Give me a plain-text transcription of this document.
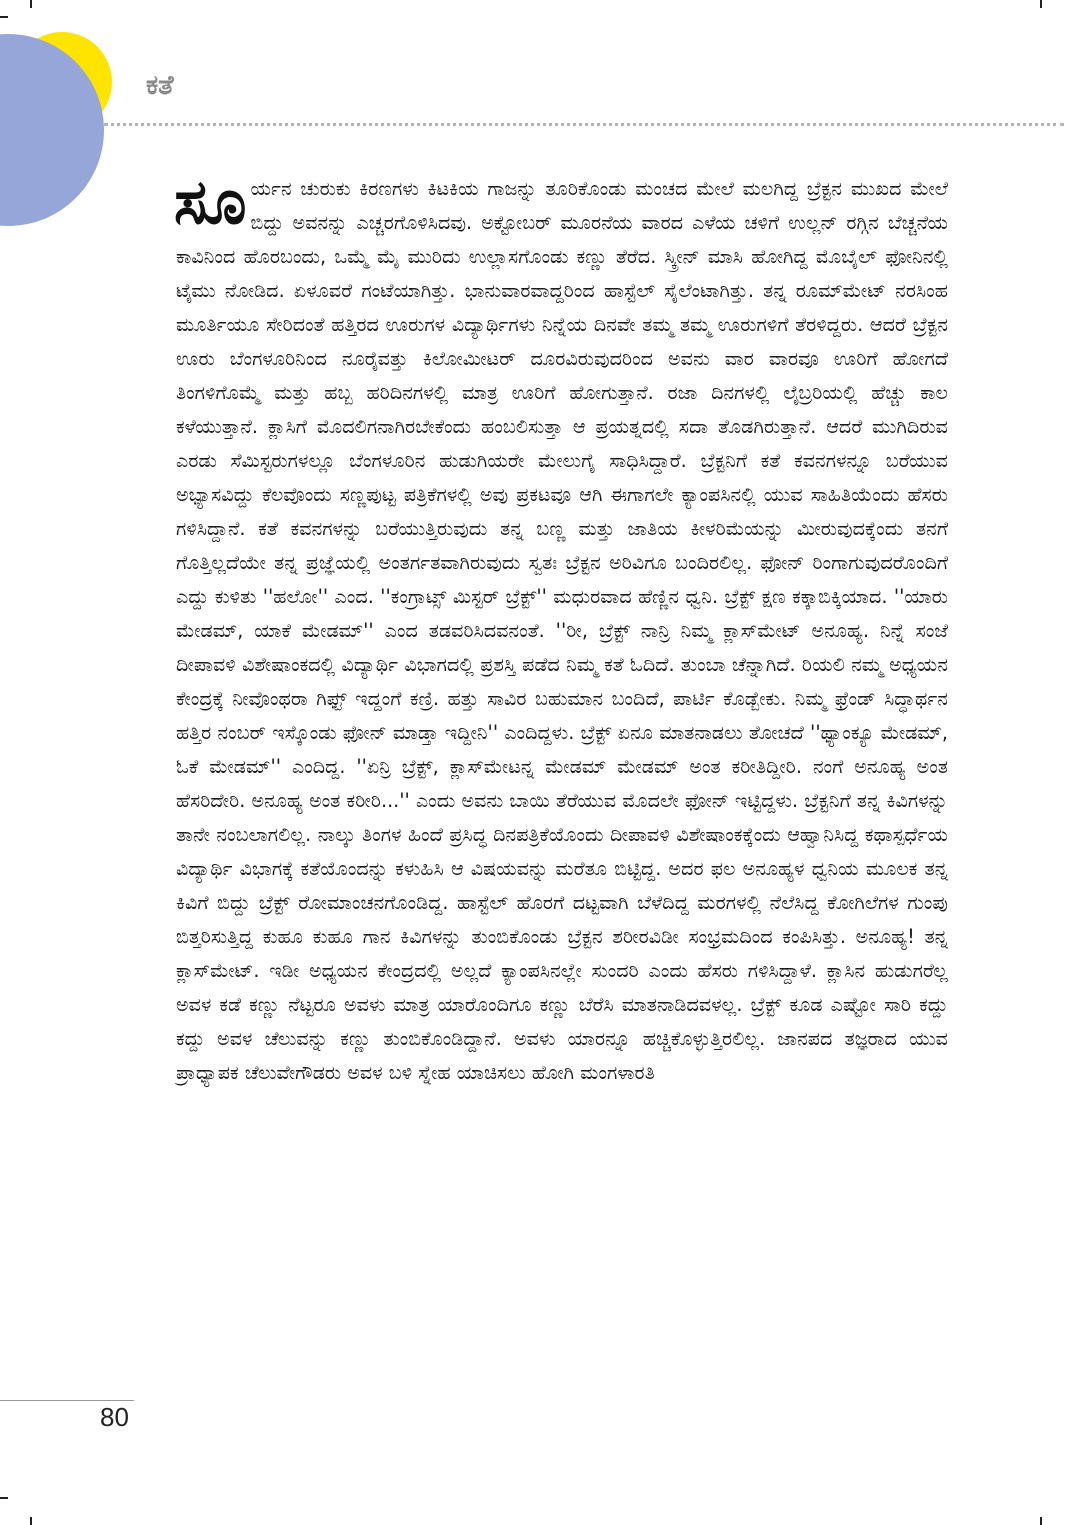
ಕತೆ

ಸೂರ್ಯನ ಚುರುಕು ಕಿರಣಗಳು ಕಿಟಕಿಯ ಗಾಜನ್ನು ತೂರಿಕೊಂಡು ಮಂಚದ ಮೇಲೆ ಮಲಗಿದ್ದ ಬ್ರೆಕ್ಟನ ಮುಖದ ಮೇಲೆ ಬಿದ್ದು ಅವನನ್ನು ಎಚ್ಚರಗೊಳಿಸಿದವು. ಅಕ್ಟೋಬರ್ ಮೂರನೆಯ ವಾರದ ಎಳೆಯ ಚಳಿಗೆ ಉಲ್ಲನ್ ರಗ್ಗಿನ ಬೆಚ್ಚನೆಯ ಕಾವಿನಿಂದ ಹೊರಬಂದು, ಒಮ್ಮೆ ಮೈ ಮುರಿದು ಉಲ್ಲಾಸಗೊಂಡು ಕಣ್ಣು ತೆರೆದ. ಸ್ಕ್ರೀನ್ ಮಾಸಿ ಹೋಗಿದ್ದ ಮೊಬೈಲ್ ಫೋನಿನಲ್ಲಿ ಟೈಮು ನೋಡಿದ. ಏಳೂವರೆ ಗಂಟೆಯಾಗಿತ್ತು. ಭಾನುವಾರವಾದ್ದರಿಂದ ಹಾಸ್ಟೆಲ್ ಸೈಲೆಂಟಾಗಿತ್ತು. ತನ್ನ ರೂಮ್‌ಮೇಟ್ ನರಸಿಂಹ ಮೂರ್ತಿಯೂ ಸೇರಿದಂತೆ ಹತ್ತಿರದ ಊರುಗಳ ವಿದ್ಯಾರ್ಥಿಗಳು ನಿನ್ನೆಯ ದಿನವೇ ತಮ್ಮ ತಮ್ಮ ಊರುಗಳಿಗೆ ತೆರಳಿದ್ದರು. ಆದರೆ ಬ್ರೆಕ್ಟನ ಊರು ಬೆಂಗಳೂರಿನಿಂದ ನೂರೈವತ್ತು ಕಿಲೋಮೀಟರ್ ದೂರವಿರುವುದರಿಂದ ಅವನು ವಾರ ವಾರವೂ ಊರಿಗೆ ಹೋಗದೆ ತಿಂಗಳಿಗೊಮ್ಮೆ ಮತ್ತು ಹಬ್ಬ ಹರಿದಿನಗಳಲ್ಲಿ ಮಾತ್ರ ಊರಿಗೆ ಹೋಗುತ್ತಾನೆ. ರಜಾ ದಿನಗಳಲ್ಲಿ ಲೈಬ್ರರಿಯಲ್ಲಿ ಹೆಚ್ಚು ಕಾಲ ಕಳೆಯುತ್ತಾನೆ. ಕ್ಲಾಸಿಗೆ ಮೊದಲಿಗನಾಗಿರಬೇಕೆಂದು ಹಂಬಲಿಸುತ್ತಾ ಆ ಪ್ರಯತ್ನದಲ್ಲಿ ಸದಾ ತೊಡಗಿರುತ್ತಾನೆ. ಆದರೆ ಮುಗಿದಿರುವ ಎರಡು ಸೆಮಿಸ್ಟರುಗಳಲ್ಲೂ ಬೆಂಗಳೂರಿನ ಹುಡುಗಿಯರೇ ಮೇಲುಗೈ ಸಾಧಿಸಿದ್ದಾರೆ. ಬ್ರೆಕ್ಟನಿಗೆ ಕತೆ ಕವನಗಳನ್ನೂ ಬರೆಯುವ ಅಭ್ಯಾಸವಿದ್ದು ಕೆಲವೊಂದು ಸಣ್ಣಪುಟ್ಟ ಪತ್ರಿಕೆಗಳಲ್ಲಿ ಅವು ಪ್ರಕಟವೂ ಆಗಿ ಈಗಾಗಲೇ ಕ್ಯಾಂಪಸಿನಲ್ಲಿ ಯುವ ಸಾಹಿತಿಯೆಂದು ಹೆಸರು ಗಳಿಸಿದ್ದಾನೆ. ಕತೆ ಕವನಗಳನ್ನು ಬರೆಯುತ್ತಿರುವುದು ತನ್ನ ಬಣ್ಣ ಮತ್ತು ಜಾತಿಯ ಕೀಳರಿಮೆಯನ್ನು ಮೀರುವುದಕ್ಕೆಂದು ತನಗೆ ಗೊತ್ತಿಲ್ಲದೆಯೇ ತನ್ನ ಪ್ರಜ್ಞೆಯಲ್ಲಿ ಅಂತರ್ಗತವಾಗಿರುವುದು ಸ್ವತಃ ಬ್ರೆಕ್ಟನ ಅರಿವಿಗೂ ಬಂದಿರಲಿಲ್ಲ. ಫೋನ್ ರಿಂಗಾಗುವುದರೊಂದಿಗೆ ಎದ್ದು ಕುಳಿತು ''ಹಲೋ'' ಎಂದ. ''ಕಂಗ್ರಾಟ್ಸ್ ಮಿಸ್ಟರ್ ಬ್ರೆಕ್ಟ್'' ಮಧುರವಾದ ಹೆಣ್ಣಿನ ಧ್ವನಿ. ಬ್ರೆಕ್ಟ್ ಕ್ಷಣ ಕಕ್ಕಾಬಿಕ್ಕಿಯಾದ. ''ಯಾರು ಮೇಡಮ್, ಯಾಕೆ ಮೇಡಮ್'' ಎಂದ ತಡವರಿಸಿದವನಂತೆ. ''ರೀ, ಬ್ರೆಕ್ಟ್ ನಾನ್ರಿ ನಿಮ್ಮ ಕ್ಲಾಸ್‌ಮೇಟ್ ಅನೂಹ್ಯ. ನಿನ್ನೆ ಸಂಜೆ ದೀಪಾವಳಿ ವಿಶೇಷಾಂಕದಲ್ಲಿ ವಿದ್ಯಾರ್ಥಿ ವಿಭಾಗದಲ್ಲಿ ಪ್ರಶಸ್ತಿ ಪಡೆದ ನಿಮ್ಮ ಕತೆ ಓದಿದೆ. ತುಂಬಾ ಚೆನ್ನಾಗಿದೆ. ರಿಯಲಿ ನಮ್ಮ ಅಧ್ಯಯನ ಕೇಂದ್ರಕ್ಕೆ ನೀವೊಂಥರಾ ಗಿಫ್ಟ್ ಇದ್ದಂಗೆ ಕಣ್ರಿ. ಹತ್ತು ಸಾವಿರ ಬಹುಮಾನ ಬಂದಿದೆ, ಪಾರ್ಟಿ ಕೊಡ್ಬೇಕು. ನಿಮ್ಮ ಫ್ರೆಂಡ್ ಸಿದ್ಧಾರ್ಥನ ಹತ್ತಿರ ನಂಬರ್ ಇಸ್ಕೊಂಡು ಫೋನ್ ಮಾಡ್ತಾ ಇದ್ದೀನಿ'' ಎಂದಿದ್ದಳು. ಬ್ರೆಕ್ಟ್ ಏನೂ ಮಾತನಾಡಲು ತೋಚದೆ ''ಥ್ಯಾಂಕ್ಯೂ ಮೇಡಮ್, ಓಕೆ ಮೇಡಮ್'' ಎಂದಿದ್ದ. ''ಏನ್ರಿ ಬ್ರೆಕ್ಟ್, ಕ್ಲಾಸ್‌ಮೇಟನ್ನ ಮೇಡಮ್ ಮೇಡಮ್ ಅಂತ ಕರೀತಿದ್ದೀರಿ. ನಂಗೆ ಅನೂಹ್ಯ ಅಂತ ಹೆಸರಿದೇರಿ. ಅನೂಹ್ಯ ಅಂತ ಕರೀರಿ...'' ಎಂದು ಅವನು ಬಾಯಿ ತೆರೆಯುವ ಮೊದಲೇ ಫೋನ್ ಇಟ್ಟಿದ್ದಳು. ಬ್ರೆಕ್ಟನಿಗೆ ತನ್ನ ಕಿವಿಗಳನ್ನು ತಾನೇ ನಂಬಲಾಗಲಿಲ್ಲ. ನಾಲ್ಕು ತಿಂಗಳ ಹಿಂದೆ ಪ್ರಸಿದ್ಧ ದಿನಪತ್ರಿಕೆಯೊಂದು ದೀಪಾವಳಿ ವಿಶೇಷಾಂಕಕ್ಕೆಂದು ಆಹ್ವಾನಿಸಿದ್ದ ಕಥಾಸ್ಪರ್ಧೆಯ ವಿದ್ಯಾರ್ಥಿ ವಿಭಾಗಕ್ಕೆ ಕತೆಯೊಂದನ್ನು ಕಳುಹಿಸಿ ಆ ವಿಷಯವನ್ನು ಮರೆತೂ ಬಿಟ್ಟಿದ್ದ. ಅದರ ಫಲ ಅನೂಹ್ಯಳ ಧ್ವನಿಯ ಮೂಲಕ ತನ್ನ ಕಿವಿಗೆ ಬಿದ್ದು ಬ್ರೆಕ್ಟ್ ರೋಮಾಂಚನಗೊಂಡಿದ್ದ. ಹಾಸ್ಟೆಲ್ ಹೊರಗೆ ದಟ್ಟವಾಗಿ ಬೆಳೆದಿದ್ದ ಮರಗಳಲ್ಲಿ ನೆಲೆಸಿದ್ದ ಕೋಗಿಲೆಗಳ ಗುಂಪು ಬಿತ್ತರಿಸುತ್ತಿದ್ದ ಕುಹೂ ಕುಹೂ ಗಾನ ಕಿವಿಗಳನ್ನು ತುಂಬಿಕೊಂಡು ಬ್ರೆಕ್ಟನ ಶರೀರವಿಡೀ ಸಂಭ್ರಮದಿಂದ ಕಂಪಿಸಿತ್ತು. ಅನೂಹ್ಯ! ತನ್ನ ಕ್ಲಾಸ್‌ಮೇಟ್. ಇಡೀ ಅಧ್ಯಯನ ಕೇಂದ್ರದಲ್ಲಿ ಅಲ್ಲದೆ ಕ್ಯಾಂಪಸಿನಲ್ಲೇ ಸುಂದರಿ ಎಂದು ಹೆಸರು ಗಳಿಸಿದ್ದಾಳೆ. ಕ್ಲಾಸಿನ ಹುಡುಗರೆಲ್ಲ ಅವಳ ಕಡೆ ಕಣ್ಣು ನೆಟ್ಟರೂ ಅವಳು ಮಾತ್ರ ಯಾರೊಂದಿಗೂ ಕಣ್ಣು ಬೆರೆಸಿ ಮಾತನಾಡಿದವಳಲ್ಲ. ಬ್ರೆಕ್ಟ್ ಕೂಡ ಎಷ್ಟೋ ಸಾರಿ ಕದ್ದು ಕದ್ದು ಅವಳ ಚೆಲುವನ್ನು ಕಣ್ಣು ತುಂಬಿಕೊಂಡಿದ್ದಾನೆ. ಅವಳು ಯಾರನ್ನೂ ಹಚ್ಚಿಕೊಳ್ಳುತ್ತಿರಲಿಲ್ಲ. ಜಾನಪದ ತಜ್ಞರಾದ ಯುವ ಪ್ರಾಧ್ಯಾಪಕ ಚೆಲುವೇಗೌಡರು ಅವಳ ಬಳಿ ಸ್ನೇಹ ಯಾಚಿಸಲು ಹೋಗಿ ಮಂಗಳಾರತಿ

80
